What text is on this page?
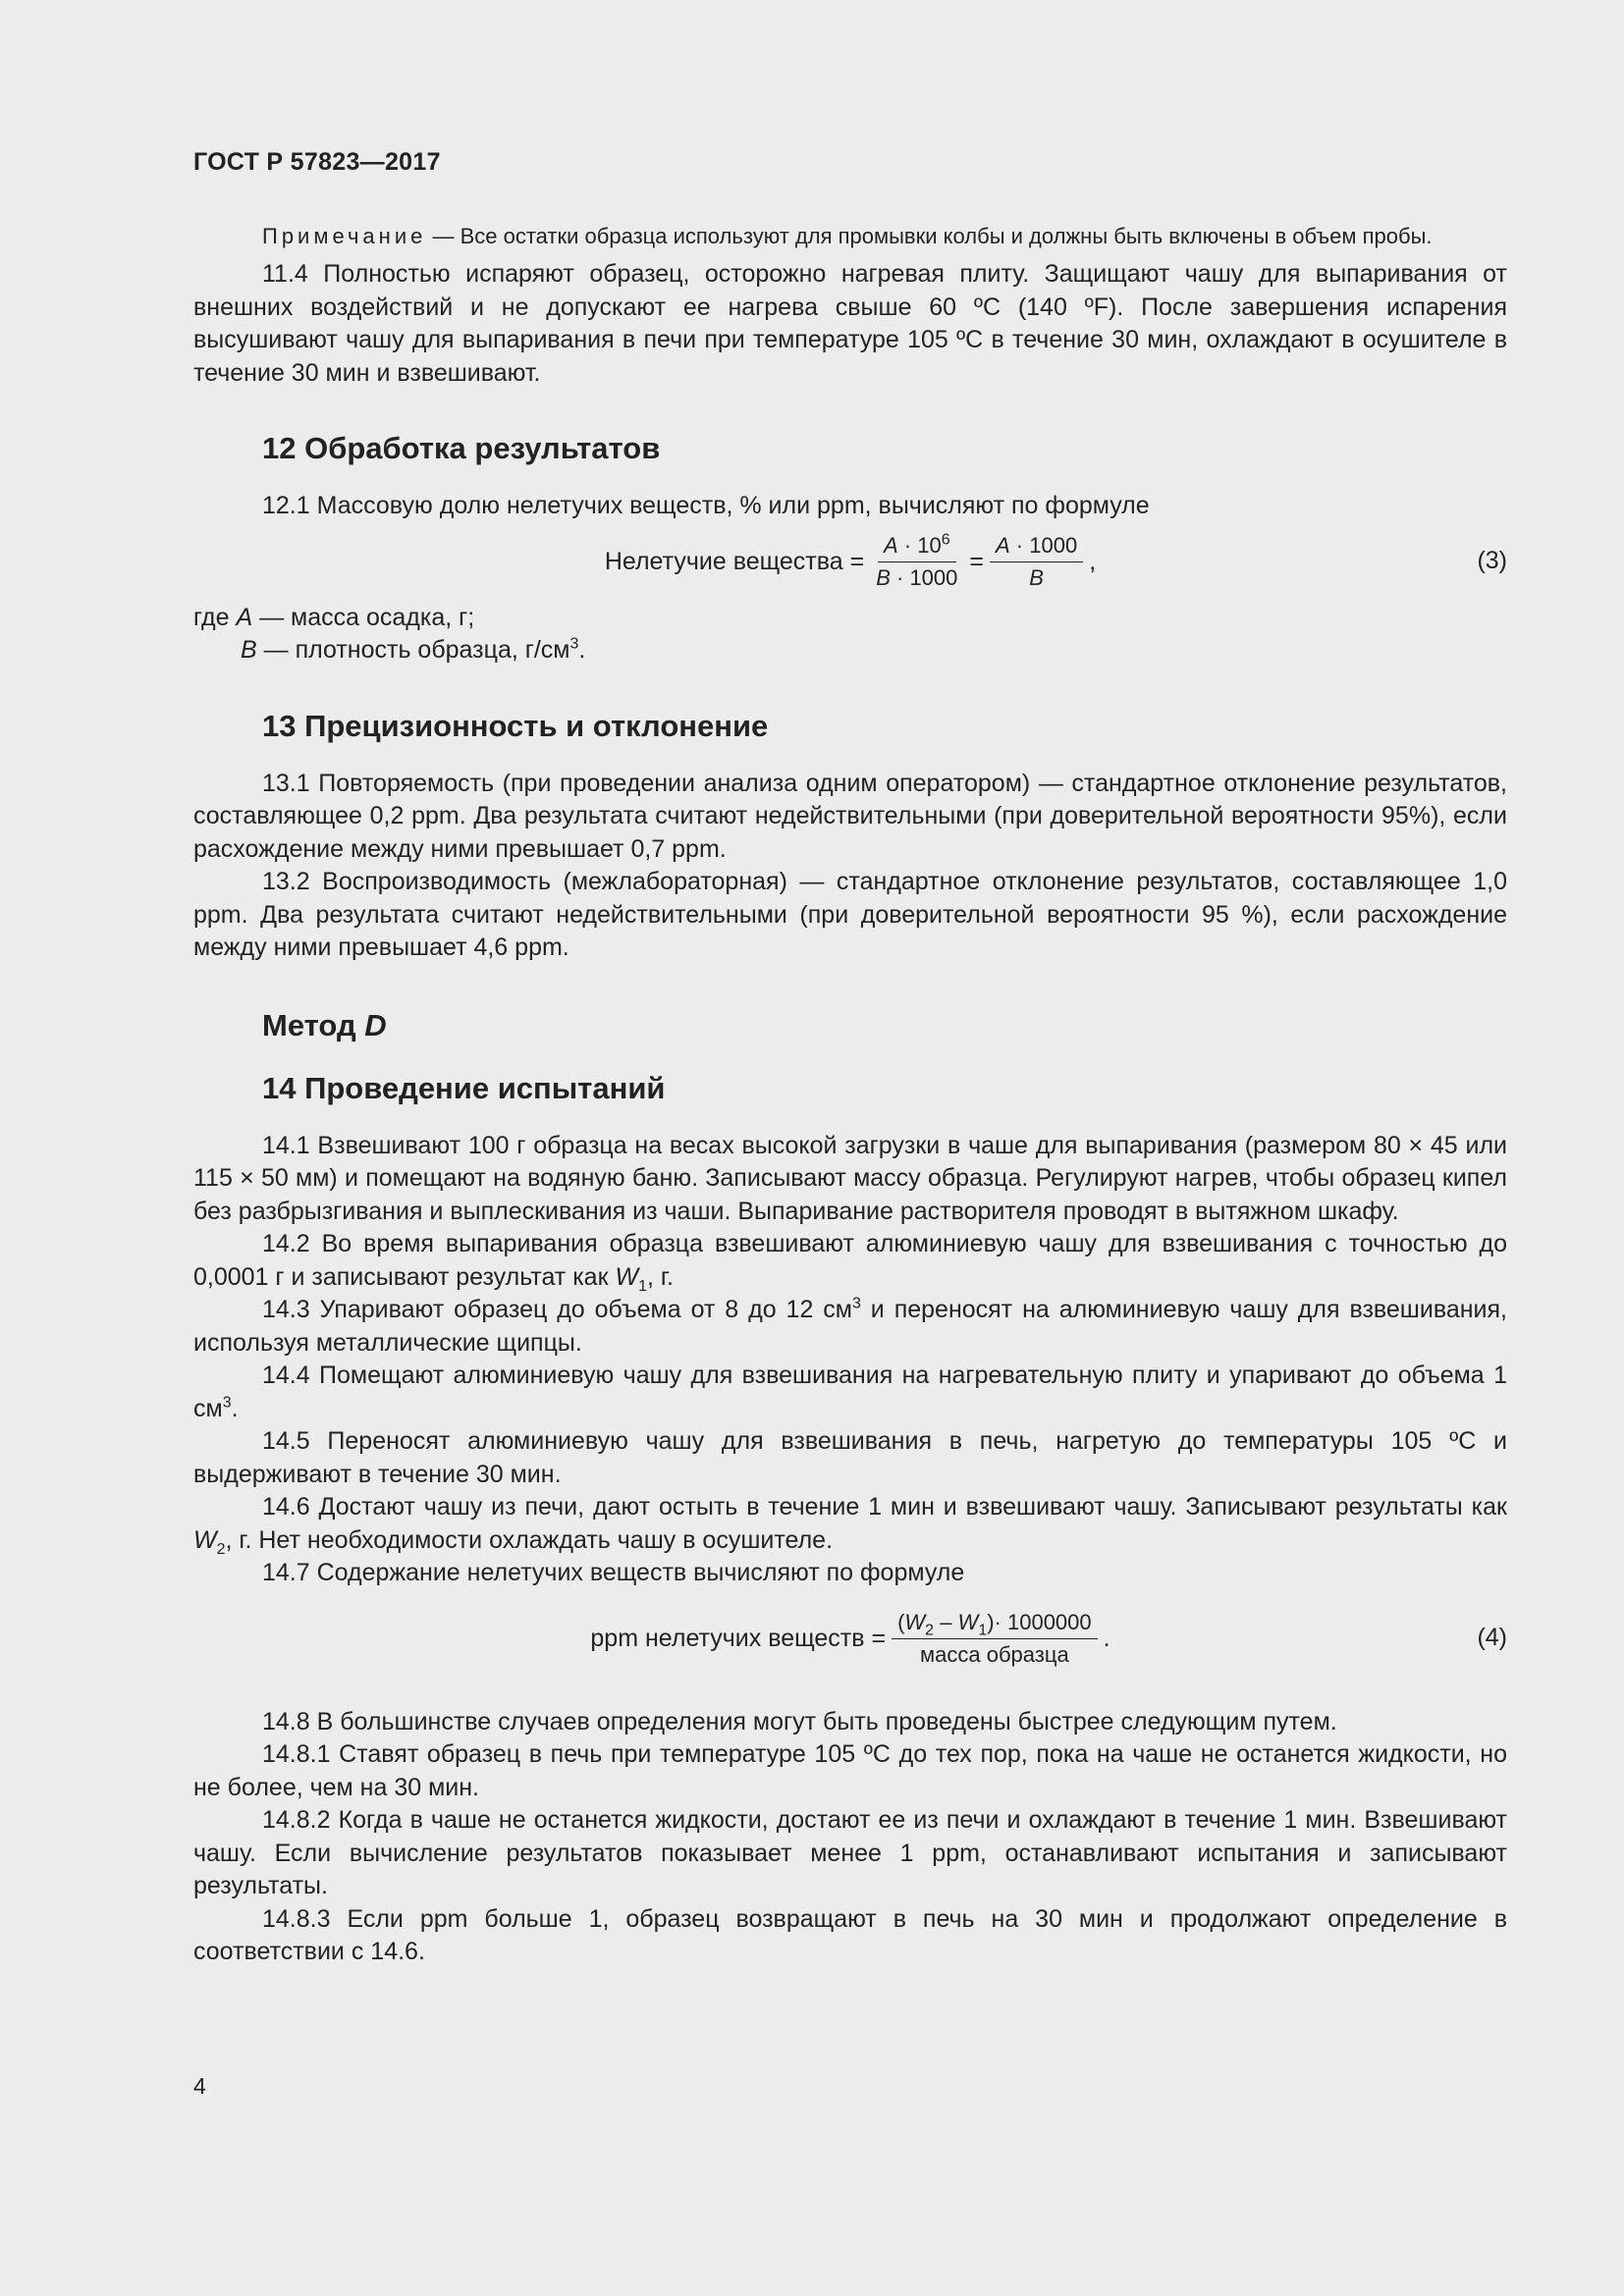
ГОСТ Р 57823—2017

Примечание — Все остатки образца используют для промывки колбы и должны быть включены в объем пробы.

11.4 Полностью испаряют образец, осторожно нагревая плиту. Защищают чашу для выпаривания от внешних воздействий и не допускают ее нагрева свыше 60 ºС (140 ºF). После завершения испарения высушивают чашу для выпаривания в печи при температуре 105 ºС в течение 30 мин, охлаждают в осушителе в течение 30 мин и взвешивают.

12 Обработка результатов

12.1 Массовую долю нелетучих веществ, % или ppm, вычисляют по формуле

Нелетучие вещества = $\frac{A \cdot 10^6}{B \cdot 1000} = \frac{A \cdot 1000}{B}$ ,	(3)

где A — масса осадка, г;

B — плотность образца, $г/см^3$.

13 Прецизионность и отклонение

13.1 Повторяемость (при проведении анализа одним оператором) — стандартное отклонение результатов, составляющее 0,2 ppm. Два результата считают недействительными (при доверительной вероятности 95%), если расхождение между ними превышает 0,7 ppm.

13.2 Воспроизводимость (межлабораторная) — стандартное отклонение результатов, составляющее 1,0 ppm. Два результата считают недействительными (при доверительной вероятности 95 %), если расхождение между ними превышает 4,6 ppm.

Метод D
14 Проведение испытаний

14.1 Взвешивают 100 г образца на весах высокой загрузки в чаше для выпаривания (размером 80 × 45 или 115 × 50 мм) и помещают на водяную баню. Записывают массу образца. Регулируют нагрев, чтобы образец кипел без разбрызгивания и выплескивания из чаши. Выпаривание растворителя проводят в вытяжном шкафу.

14.2 Во время выпаривания образца взвешивают алюминиевую чашу для взвешивания с точностью до 0,0001 г и записывают результат как $W_1$, г.

14.3 Упаривают образец до объема от 8 до 12 $см^3$ и переносят на алюминиевую чашу для взвешивания, используя металлические щипцы.

14.4 Помещают алюминиевую чашу для взвешивания на нагревательную плиту и упаривают до объема 1 $см^3$.

14.5 Переносят алюминиевую чашу для взвешивания в печь, нагретую до температуры 105 ºС и выдерживают в течение 30 мин.

14.6 Достают чашу из печи, дают остыть в течение 1 мин и взвешивают чашу. Записывают результаты как $W_2$, г. Нет необходимости охлаждать чашу в осушителе.

14.7 Содержание нелетучих веществ вычисляют по формуле

ppm нелетучих веществ = $\frac{(W_2 - W_1)\cdot 1000000}{\text{масса образца}}$ .	(4)

14.8 В большинстве случаев определения могут быть проведены быстрее следующим путем.

14.8.1 Ставят образец в печь при температуре 105 ºС до тех пор, пока на чаше не останется жидкости, но не более, чем на 30 мин.

14.8.2 Когда в чаше не останется жидкости, достают ее из печи и охлаждают в течение 1 мин. Взвешивают чашу. Если вычисление результатов показывает менее 1 ppm, останавливают испытания и записывают результаты.

14.8.3 Если ppm больше 1, образец возвращают в печь на 30 мин и продолжают определение в соответствии с 14.6.

4
